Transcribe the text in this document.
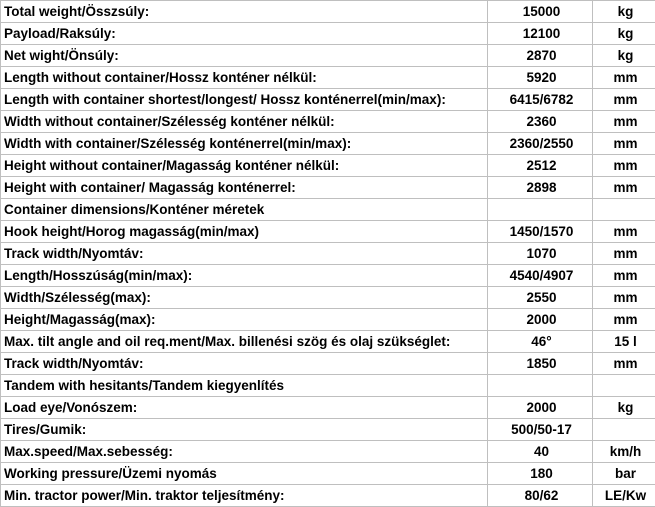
Total weight/Összsúly:	15000	kg
Payload/Raksúly:	12100	kg
Net wight/Önsúly:	2870	kg
Length without container/Hossz konténer nélkül:	5920	mm
Length with container shortest/longest/ Hossz konténerrel(min/max):	6415/6782	mm
Width without container/Szélesség konténer nélkül:	2360	mm
Width with container/Szélesség konténerrel(min/max):	2360/2550	mm
Height without container/Magasság konténer nélkül:	2512	mm
Height with container/ Magasság konténerrel:	2898	mm
Container dimensions/Konténer méretek		
Hook height/Horog magasság(min/max)	1450/1570	mm
Track width/Nyomtáv:	1070	mm
Length/Hosszúság(min/max):	4540/4907	mm
Width/Szélesség(max):	2550	mm
Height/Magasság(max):	2000	mm
Max. tilt angle and oil req.ment/Max. billenési szög és olaj szükséglet:	46°	15 l
Track width/Nyomtáv:	1850	mm
Tandem with hesitants/Tandem kiegyenlítés		
Load eye/Vonószem:	2000	kg
Tires/Gumik:	500/50-17	
Max.speed/Max.sebesség:	40	km/h
Working pressure/Üzemi nyomás	180	bar
Min. tractor power/Min. traktor teljesítmény:	80/62	LE/Kw
